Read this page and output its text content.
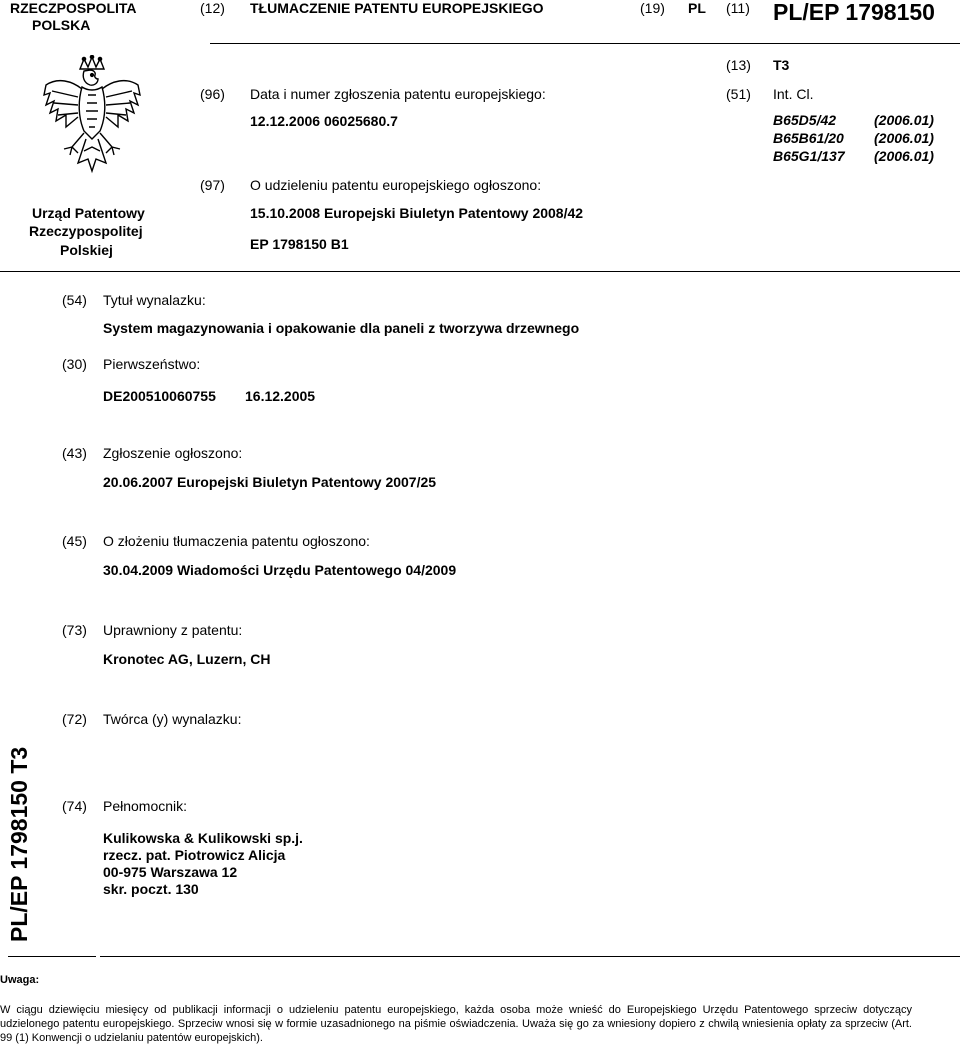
RZECZPOSPOLITA
POLSKA
(12) TŁUMACZENIE PATENTU EUROPEJSKIEGO	(19) PL (11) PL/EP 1798150
(13) T3
Urząd Patentowy
Rzeczypospolitej
Polskiej
(96) Data i numer zgłoszenia patentu europejskiego:
12.12.2006 06025680.7
(97) O udzieleniu patentu europejskiego ogłoszono:
15.10.2008 Europejski Biuletyn Patentowy 2008/42
EP 1798150 B1
(51) Int. Cl.
B65D5/42	(2006.01)
B65B61/20 (2006.01)
B65G1/137 (2006.01)
(54) Tytuł wynalazku:
System magazynowania i opakowanie dla paneli z tworzywa drzewnego
(30) Pierwszeństwo:
DE200510060755 16.12.2005
(43) Zgłoszenie ogłoszono:
20.06.2007 Europejski Biuletyn Patentowy 2007/25
(45) O złożeniu tłumaczenia patentu ogłoszono:
30.04.2009 Wiadomości Urzędu Patentowego 04/2009
(73) Uprawniony z patentu:
Kronotec AG, Luzern, CH
(72) Twórca (y) wynalazku:
(74) Pełnomocnik:
Kulikowska & Kulikowski sp.j.
rzecz. pat. Piotrowicz Alicja
00-975 Warszawa 12
skr. poczt. 130
PL/EP 1798150 T3
Uwaga:
W ciągu dziewięciu miesięcy od publikacji informacji o udzieleniu patentu europejskiego, każda osoba może wnieść do Europejskiego Urzędu Patentowego sprzeciw dotyczący udzielonego patentu europejskiego. Sprzeciw wnosi się w formie uzasadnionego na piśmie oświadczenia. Uważa się go za wniesiony dopiero z chwilą wniesienia opłaty za sprzeciw (Art. 99 (1) Konwencji o udzielaniu patentów europejskich).
